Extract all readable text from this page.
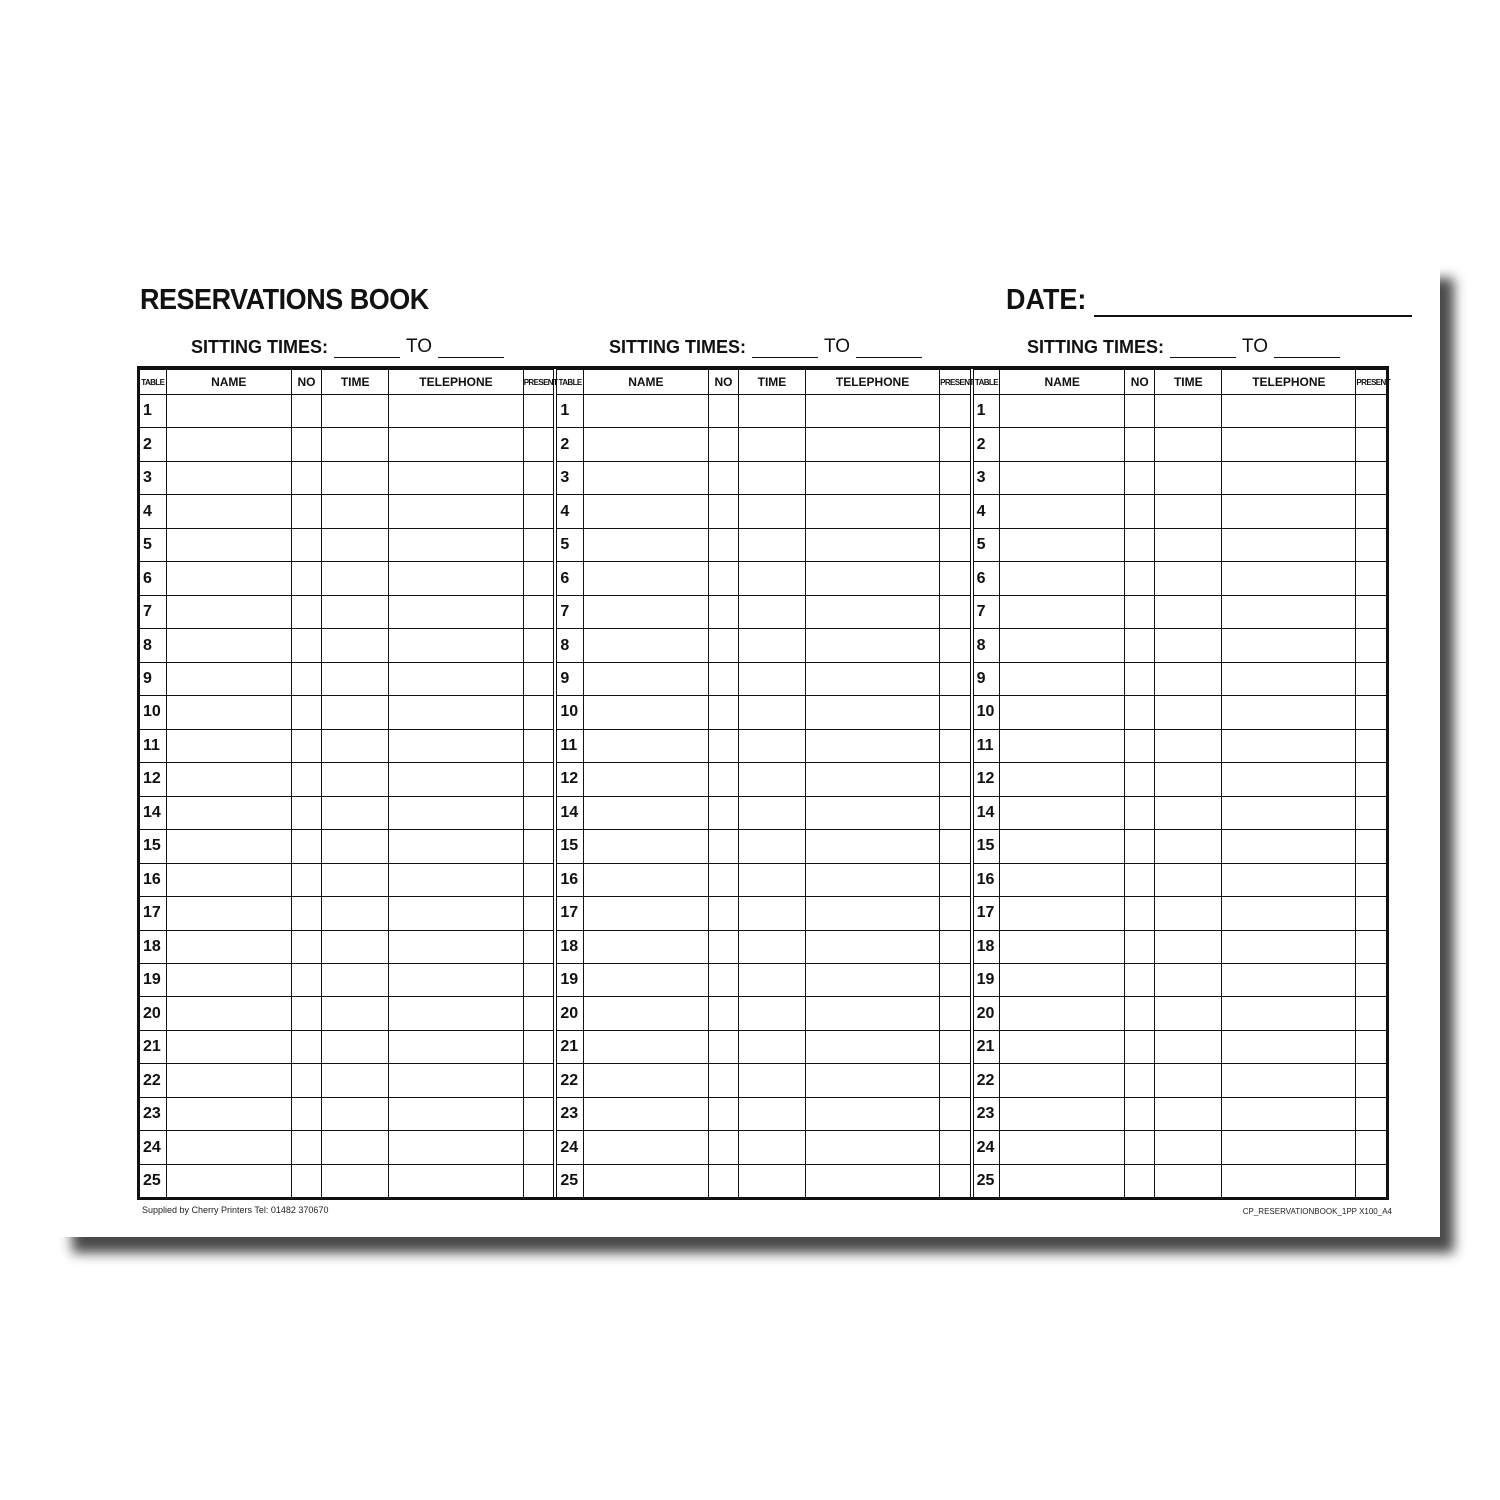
RESERVATIONS BOOK	DATE:
SITTING TIMES:	TO	SITTING TIMES:	TO	SITTING TIMES:	TO
TABLE	NAME	NO	TIME	TELEPHONE	PRESENT
1					
2					
3					
4					
5					
6					
7					
8					
9					
10					
11					
12					
14					
15					
16					
17					
18					
19					
20					
21					
22					
23					
24					
25					
TABLE	NAME	NO	TIME	TELEPHONE	PRESENT
1					
2					
3					
4					
5					
6					
7					
8					
9					
10					
11					
12					
14					
15					
16					
17					
18					
19					
20					
21					
22					
23					
24					
25					
TABLE	NAME	NO	TIME	TELEPHONE	PRESENT
1					
2					
3					
4					
5					
6					
7					
8					
9					
10					
11					
12					
14					
15					
16					
17					
18					
19					
20					
21					
22					
23					
24					
25					
Supplied by Cherry Printers Tel: 01482 370670	CP_RESERVATIONBOOK_1PP X100_A4
